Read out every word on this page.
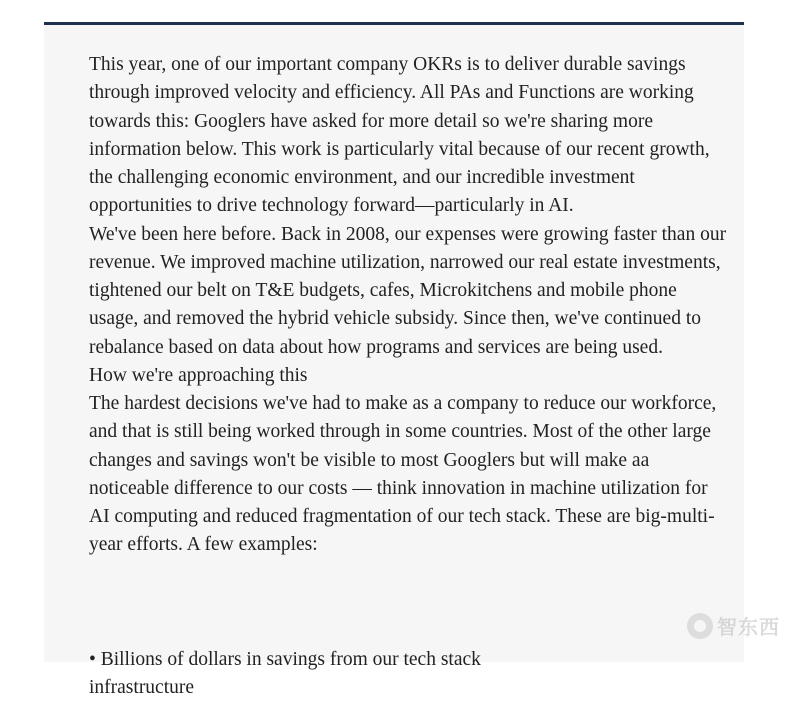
This year, one of our important company OKRs is to deliver durable savings through improved velocity and efficiency. All PAs and Functions are working towards this: Googlers have asked for more detail so we're sharing more information below. This work is particularly vital because of our recent growth, the challenging economic environment, and our incredible investment opportunities to drive technology forward—particularly in AI.

We've been here before. Back in 2008, our expenses were growing faster than our revenue. We improved machine utilization, narrowed our real estate investments, tightened our belt on T&E budgets, cafes, Microkitchens and mobile phone usage, and removed the hybrid vehicle subsidy. Since then, we've continued to rebalance based on data about how programs and services are being used.

How we're approaching this

The hardest decisions we've had to make as a company to reduce our workforce, and that is still being worked through in some countries. Most of the other large changes and savings won't be visible to most Googlers but will make aa noticeable difference to our costs — think innovation in machine utilization for AI computing and reduced fragmentation of our tech stack. These are big-multi-year efforts. A few examples:

• Billions of dollars in savings from our tech stack infrastructure
智东西
